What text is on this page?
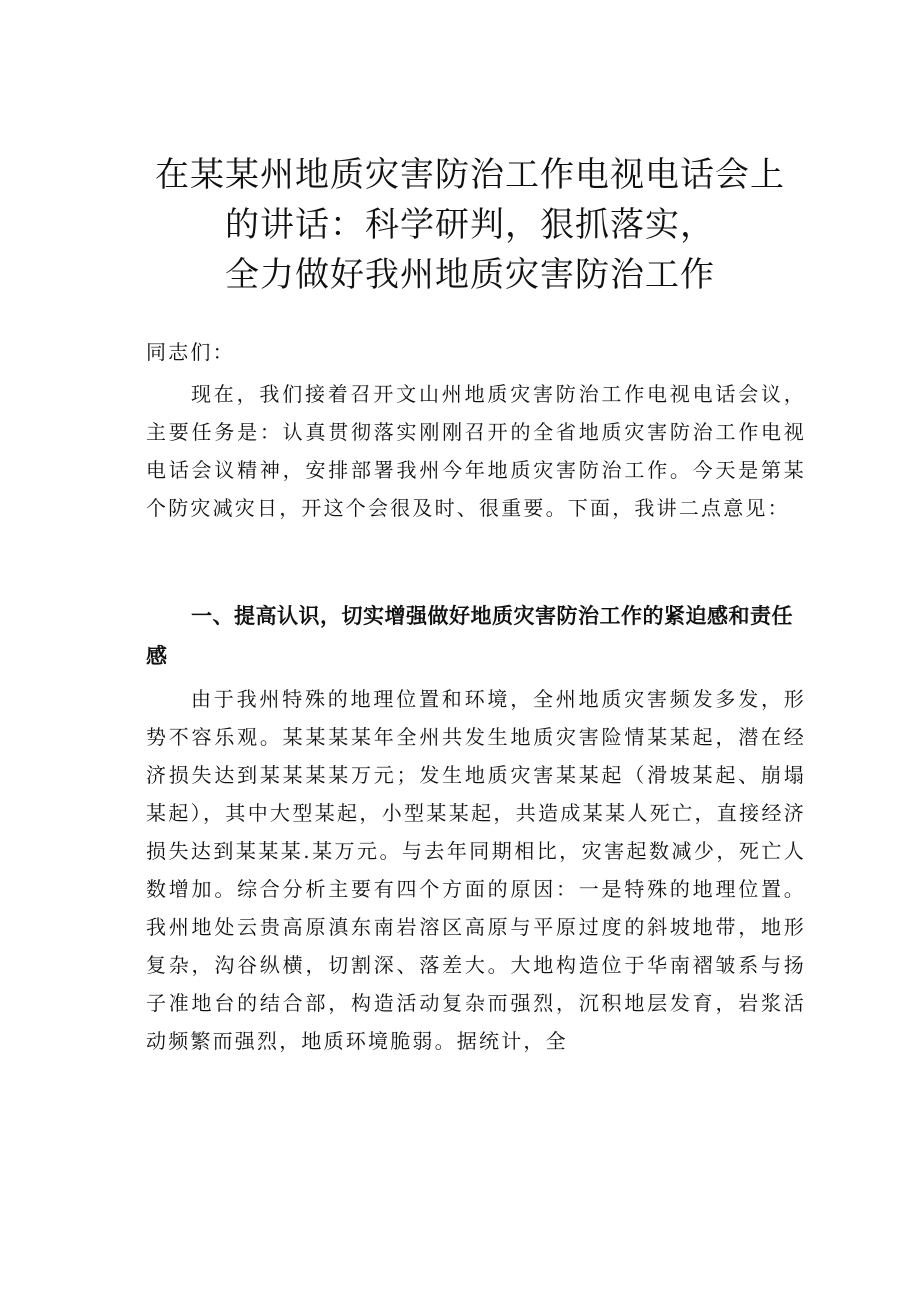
在某某州地质灾害防治工作电视电话会上
的讲话：科学研判，狠抓落实，
全力做好我州地质灾害防治工作

同志们：

现在，我们接着召开文山州地质灾害防治工作电视电话会议，主要任务是：认真贯彻落实刚刚召开的全省地质灾害防治工作电视电话会议精神，安排部署我州今年地质灾害防治工作。今天是第某个防灾减灾日，开这个会很及时、很重要。下面，我讲二点意见：

一、提高认识，切实增强做好地质灾害防治工作的紧迫感和责任感

由于我州特殊的地理位置和环境，全州地质灾害频发多发，形势不容乐观。某某某某年全州共发生地质灾害险情某某起，潜在经济损失达到某某某某万元；发生地质灾害某某起（滑坡某起、崩塌某起），其中大型某起，小型某某起，共造成某某人死亡，直接经济损失达到某某某.某万元。与去年同期相比，灾害起数减少，死亡人数增加。综合分析主要有四个方面的原因：一是特殊的地理位置。我州地处云贵高原滇东南岩溶区高原与平原过度的斜坡地带，地形复杂，沟谷纵横，切割深、落差大。大地构造位于华南褶皱系与扬子准地台的结合部，构造活动复杂而强烈，沉积地层发育，岩浆活动频繁而强烈，地质环境脆弱。据统计，全
